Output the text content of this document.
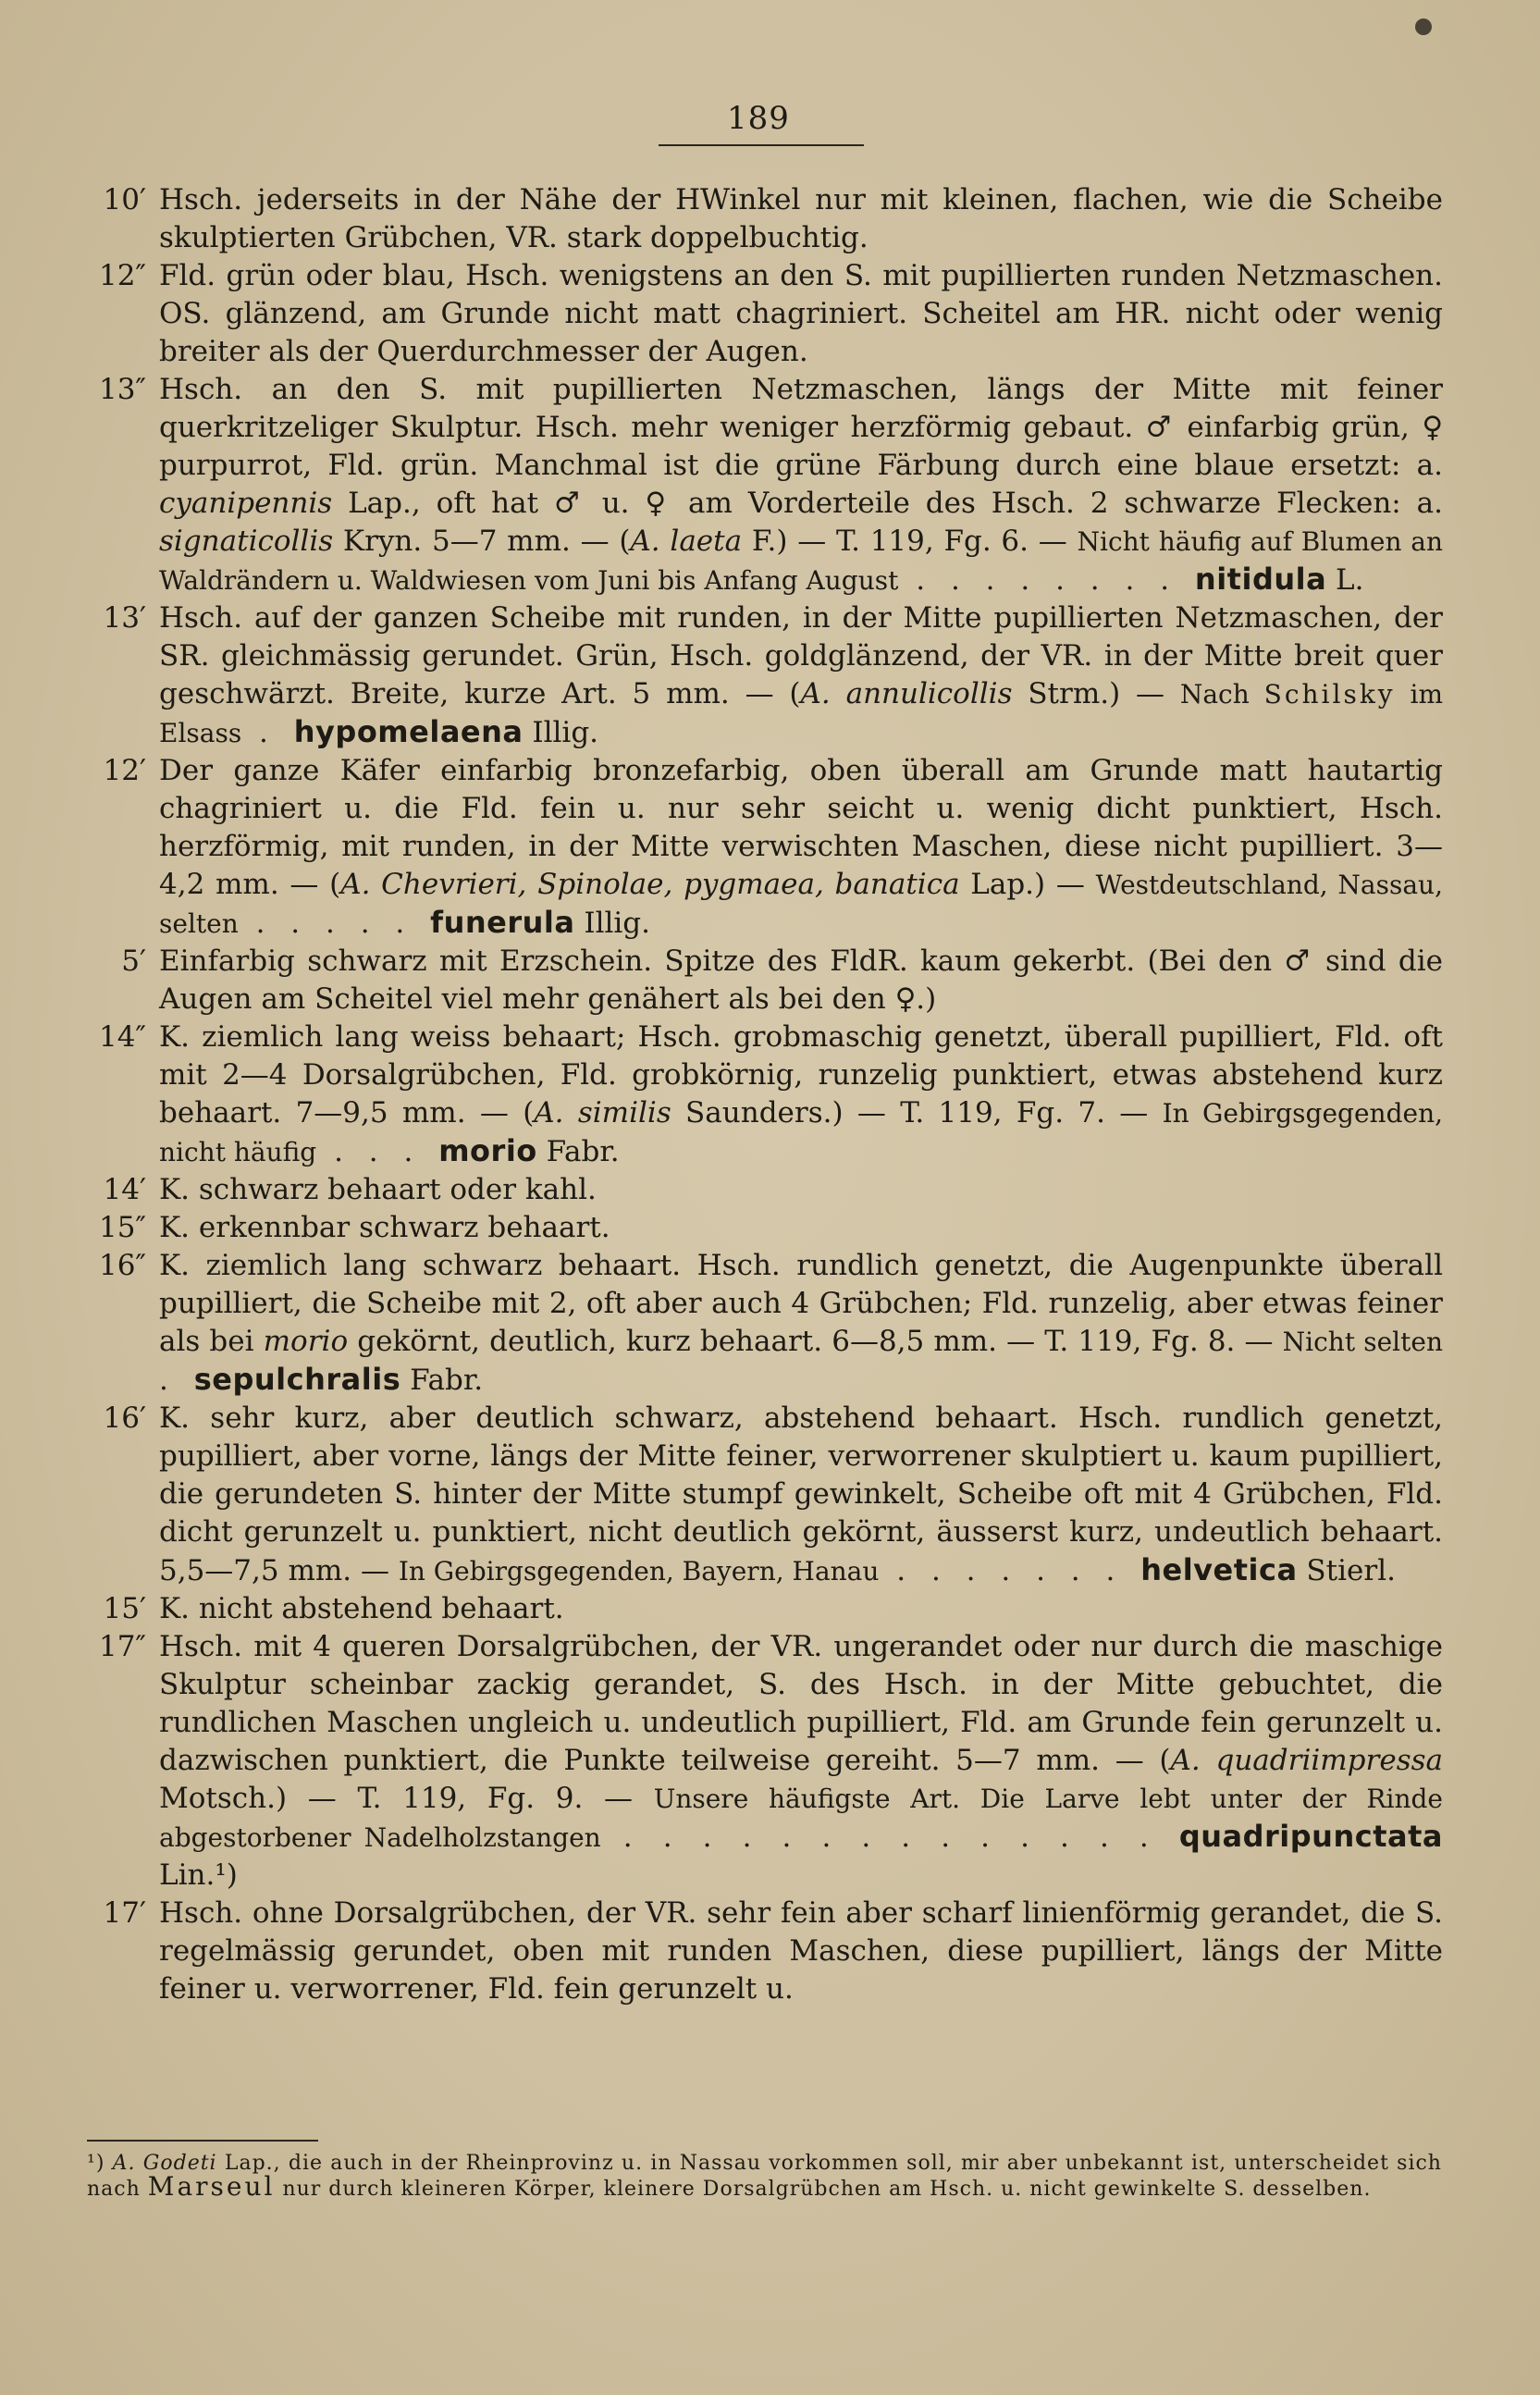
189

10′ Hsch. jederseits in der Nähe der HWinkel nur mit kleinen, flachen, wie die Scheibe skulptierten Grübchen, VR. stark doppelbuchtig.

12″ Fld. grün oder blau, Hsch. wenigstens an den S. mit pupillierten runden Netzmaschen. OS. glänzend, am Grunde nicht matt chagriniert. Scheitel am HR. nicht oder wenig breiter als der Querdurchmesser der Augen.

13″ Hsch. an den S. mit pupillierten Netzmaschen, längs der Mitte mit feiner querkritzeliger Skulptur. Hsch. mehr weniger herzförmig gebaut. ♂ einfarbig grün, ♀ purpurrot, Fld. grün. Manchmal ist die grüne Färbung durch eine blaue ersetzt: a. cyanipennis Lap., oft hat ♂ u. ♀ am Vorderteile des Hsch. 2 schwarze Flecken: a. signaticollis Kryn. 5—7 mm. — (A. laeta F.) — T. 119, Fg. 6. — Nicht häufig auf Blumen an Waldrändern u. Waldwiesen vom Juni bis Anfang August . . . . . . . . nitidula L.

13′ Hsch. auf der ganzen Scheibe mit runden, in der Mitte pupillierten Netzmaschen, der SR. gleichmässig gerundet. Grün, Hsch. goldglänzend, der VR. in der Mitte breit quer geschwärzt. Breite, kurze Art. 5 mm. — (A. annulicollis Strm.) — Nach Schilsky im Elsass . hypomelaena Illig.

12′ Der ganze Käfer einfarbig bronzefarbig, oben überall am Grunde matt hautartig chagriniert u. die Fld. fein u. nur sehr seicht u. wenig dicht punktiert, Hsch. herzförmig, mit runden, in der Mitte verwischten Maschen, diese nicht pupilliert. 3—4,2 mm. — (A. Chevrieri, Spinolae, pygmaea, banatica Lap.) — Westdeutschland, Nassau, selten . . . . . funerula Illig.

5′ Einfarbig schwarz mit Erzschein. Spitze des FldR. kaum gekerbt. (Bei den ♂ sind die Augen am Scheitel viel mehr genähert als bei den ♀.)

14″ K. ziemlich lang weiss behaart; Hsch. grobmaschig genetzt, überall pupilliert, Fld. oft mit 2—4 Dorsalgrübchen, Fld. grobkörnig, runzelig punktiert, etwas abstehend kurz behaart. 7—9,5 mm. — (A. similis Saunders.) — T. 119, Fg. 7. — In Gebirgsgegenden, nicht häufig . . . morio Fabr.

14′ K. schwarz behaart oder kahl.

15″ K. erkennbar schwarz behaart.

16″ K. ziemlich lang schwarz behaart. Hsch. rundlich genetzt, die Augenpunkte überall pupilliert, die Scheibe mit 2, oft aber auch 4 Grübchen; Fld. runzelig, aber etwas feiner als bei morio gekörnt, deutlich, kurz behaart. 6—8,5 mm. — T. 119, Fg. 8. — Nicht selten . sepulchralis Fabr.

16′ K. sehr kurz, aber deutlich schwarz, abstehend behaart. Hsch. rundlich genetzt, pupilliert, aber vorne, längs der Mitte feiner, verworrener skulptiert u. kaum pupilliert, die gerundeten S. hinter der Mitte stumpf gewinkelt, Scheibe oft mit 4 Grübchen, Fld. dicht gerunzelt u. punktiert, nicht deutlich gekörnt, äusserst kurz, undeutlich behaart. 5,5—7,5 mm. — In Gebirgsgegenden, Bayern, Hanau . . . . . . . helvetica Stierl.

15′ K. nicht abstehend behaart.

17″ Hsch. mit 4 queren Dorsalgrübchen, der VR. ungerandet oder nur durch die maschige Skulptur scheinbar zackig gerandet, S. des Hsch. in der Mitte gebuchtet, die rundlichen Maschen ungleich u. undeutlich pupilliert, Fld. am Grunde fein gerunzelt u. dazwischen punktiert, die Punkte teilweise gereiht. 5—7 mm. — (A. quadriimpressa Motsch.) — T. 119, Fg. 9. — Unsere häufigste Art. Die Larve lebt unter der Rinde abgestorbener Nadelholzstangen . . . . . . . . . . . . . . quadripunctata Lin.¹)

17′ Hsch. ohne Dorsalgrübchen, der VR. sehr fein aber scharf linienförmig gerandet, die S. regelmässig gerundet, oben mit runden Maschen, diese pupilliert, längs der Mitte feiner u. verworrener, Fld. fein gerunzelt u.

¹) A. Godeti Lap., die auch in der Rheinprovinz u. in Nassau vorkommen soll, mir aber unbekannt ist, unterscheidet sich nach Marseul nur durch kleineren Körper, kleinere Dorsalgrübchen am Hsch. u. nicht gewinkelte S. desselben.
